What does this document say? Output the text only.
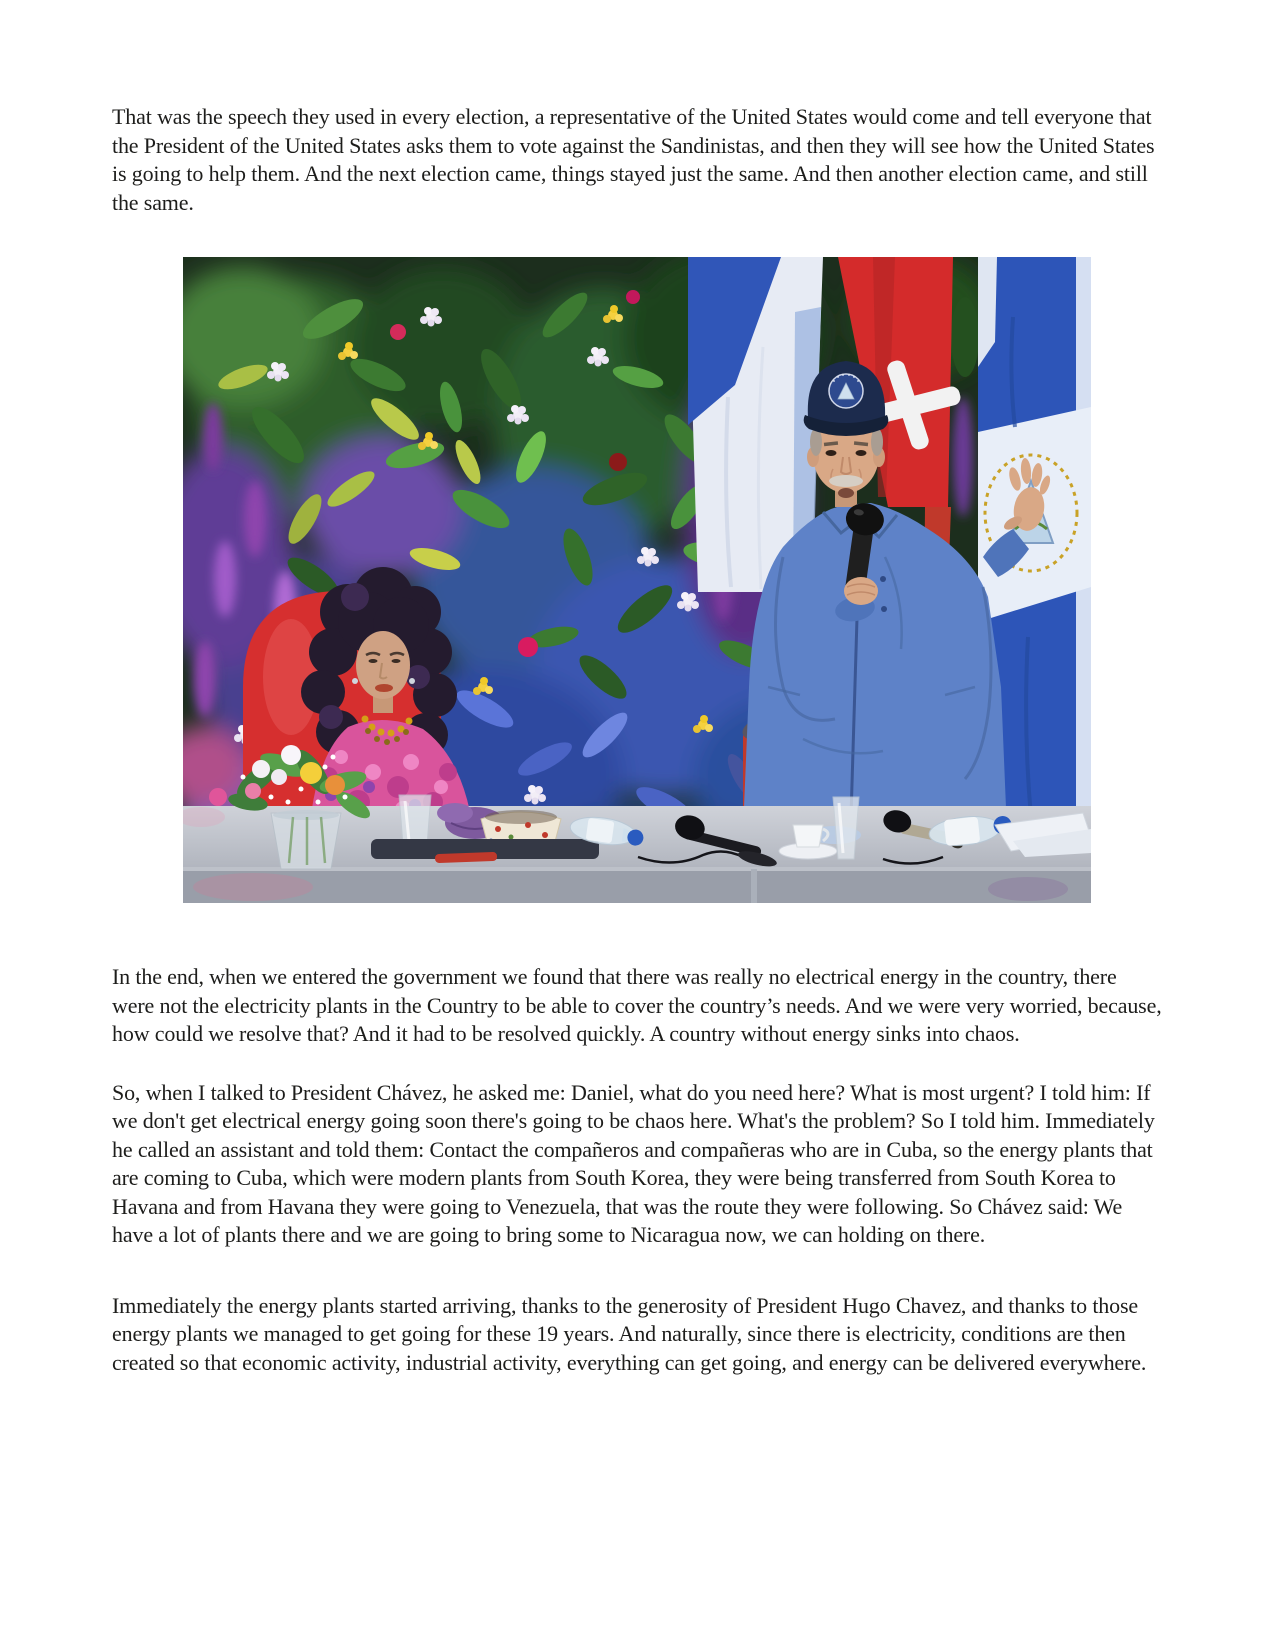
That was the speech they used in every election, a representative of the United States would come and tell everyone that the President of the United States asks them to vote against the Sandinistas, and then they will see how the United States is going to help them. And the next election came, things stayed just the same. And then another election came, and still the same.

In the end, when we entered the government we found that there was really no electrical energy in the country, there were not the electricity plants in the Country to be able to cover the country’s needs. And we were very worried, because, how could we resolve that? And it had to be resolved quickly. A country without energy sinks into chaos.

So, when I talked to President Chávez, he asked me: Daniel, what do you need here? What is most urgent? I told him: If we don't get electrical energy going soon there's going to be chaos here. What's the problem? So I told him. Immediately he called an assistant and told them: Contact the compañeros and compañeras who are in Cuba, so the energy plants that are coming to Cuba, which were modern plants from South Korea, they were being transferred from South Korea to Havana and from Havana they were going to Venezuela, that was the route they were following. So Chávez said: We have a lot of plants there and we are going to bring some to Nicaragua now, we can holding on there.

Immediately the energy plants started arriving, thanks to the generosity of President Hugo Chavez, and thanks to those energy plants we managed to get going for these 19 years. And naturally, since there is electricity, conditions are then created so that economic activity, industrial activity, everything can get going, and energy can be delivered everywhere.
